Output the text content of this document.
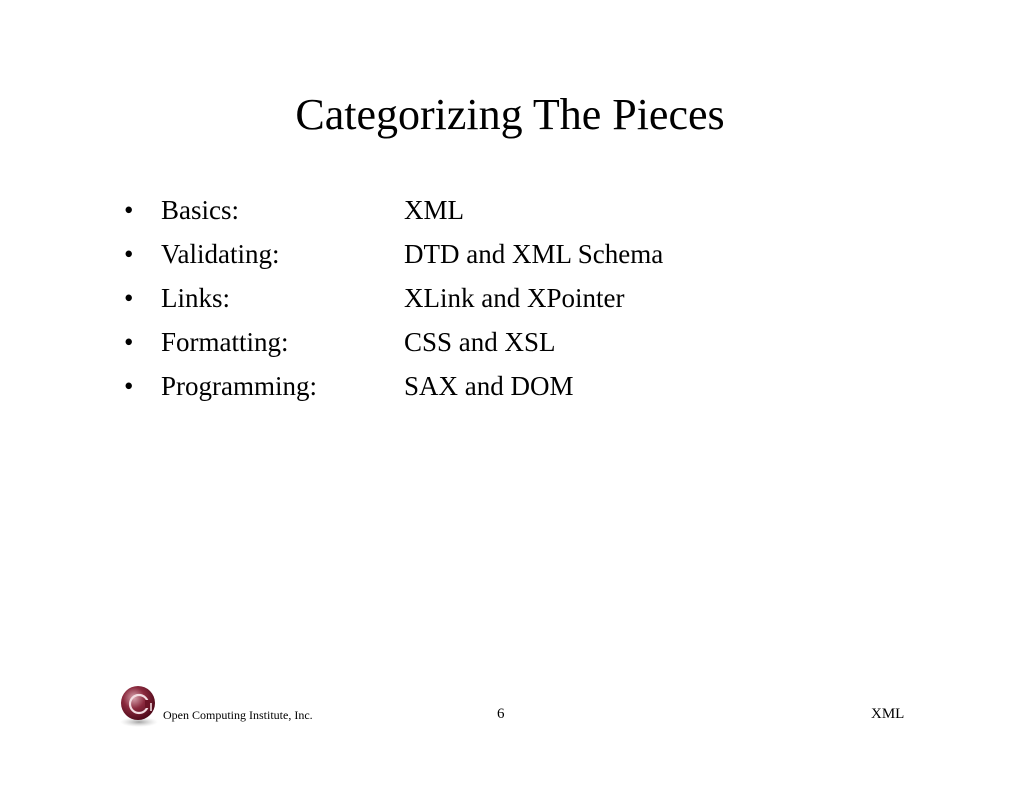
Categorizing The Pieces
• Basics:	XML
• Validating:	DTD and XML Schema
• Links:	XLink and XPointer
• Formatting:	CSS and XSL
• Programming:	SAX and DOM
Open Computing Institute, Inc.	6	XML
